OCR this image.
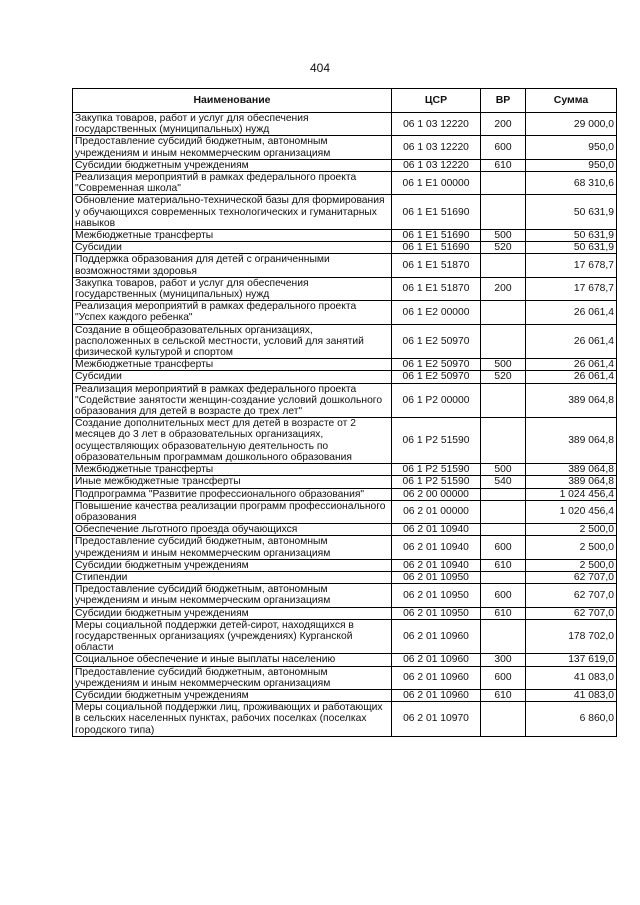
404
Наименование	ЦСР	ВР	Сумма
Закупка товаров, работ и услуг для обеспечения государственных (муниципальных) нужд	06 1 03 12220	200	29 000,0
Предоставление субсидий бюджетным, автономным учреждениям и иным некоммерческим организациям	06 1 03 12220	600	950,0
Субсидии бюджетным учреждениям	06 1 03 12220	610	950,0
Реализация мероприятий в рамках федерального проекта "Современная школа"	06 1 E1 00000		68 310,6
Обновление материально-технической базы для формирования у обучающихся современных технологических и гуманитарных навыков	06 1 E1 51690		50 631,9
Межбюджетные трансферты	06 1 E1 51690	500	50 631,9
Субсидии	06 1 E1 51690	520	50 631,9
Поддержка образования для детей с ограниченными возможностями здоровья	06 1 E1 51870		17 678,7
Закупка товаров, работ и услуг для обеспечения государственных (муниципальных) нужд	06 1 E1 51870	200	17 678,7
Реализация мероприятий в рамках федерального проекта "Успех каждого ребенка"	06 1 E2 00000		26 061,4
Создание в общеобразовательных организациях, расположенных в сельской местности, условий для занятий физической культурой и спортом	06 1 E2 50970		26 061,4
Межбюджетные трансферты	06 1 E2 50970	500	26 061,4
Субсидии	06 1 E2 50970	520	26 061,4
Реализация мероприятий в рамках федерального проекта "Содействие занятости женщин-создание условий дошкольного образования для детей в возрасте до трех лет"	06 1 P2 00000		389 064,8
Создание дополнительных мест для детей в возрасте от 2 месяцев до 3 лет в образовательных организациях, осуществляющих образовательную деятельность по образовательным программам дошкольного образования	06 1 P2 51590		389 064,8
Межбюджетные трансферты	06 1 P2 51590	500	389 064,8
Иные межбюджетные трансферты	06 1 P2 51590	540	389 064,8
Подпрограмма "Развитие профессионального образования"	06 2 00 00000		1 024 456,4
Повышение качества реализации программ профессионального образования	06 2 01 00000		1 020 456,4
Обеспечение льготного проезда обучающихся	06 2 01 10940		2 500,0
Предоставление субсидий бюджетным, автономным учреждениям и иным некоммерческим организациям	06 2 01 10940	600	2 500,0
Субсидии бюджетным учреждениям	06 2 01 10940	610	2 500,0
Стипендии	06 2 01 10950		62 707,0
Предоставление субсидий бюджетным, автономным учреждениям и иным некоммерческим организациям	06 2 01 10950	600	62 707,0
Субсидии бюджетным учреждениям	06 2 01 10950	610	62 707,0
Меры социальной поддержки детей-сирот, находящихся в государственных организациях (учреждениях) Курганской области	06 2 01 10960		178 702,0
Социальное обеспечение и иные выплаты населению	06 2 01 10960	300	137 619,0
Предоставление субсидий бюджетным, автономным учреждениям и иным некоммерческим организациям	06 2 01 10960	600	41 083,0
Субсидии бюджетным учреждениям	06 2 01 10960	610	41 083,0
Меры социальной поддержки лиц, проживающих и работающих в сельских населенных пунктах, рабочих поселках (поселках городского типа)	06 2 01 10970		6 860,0
